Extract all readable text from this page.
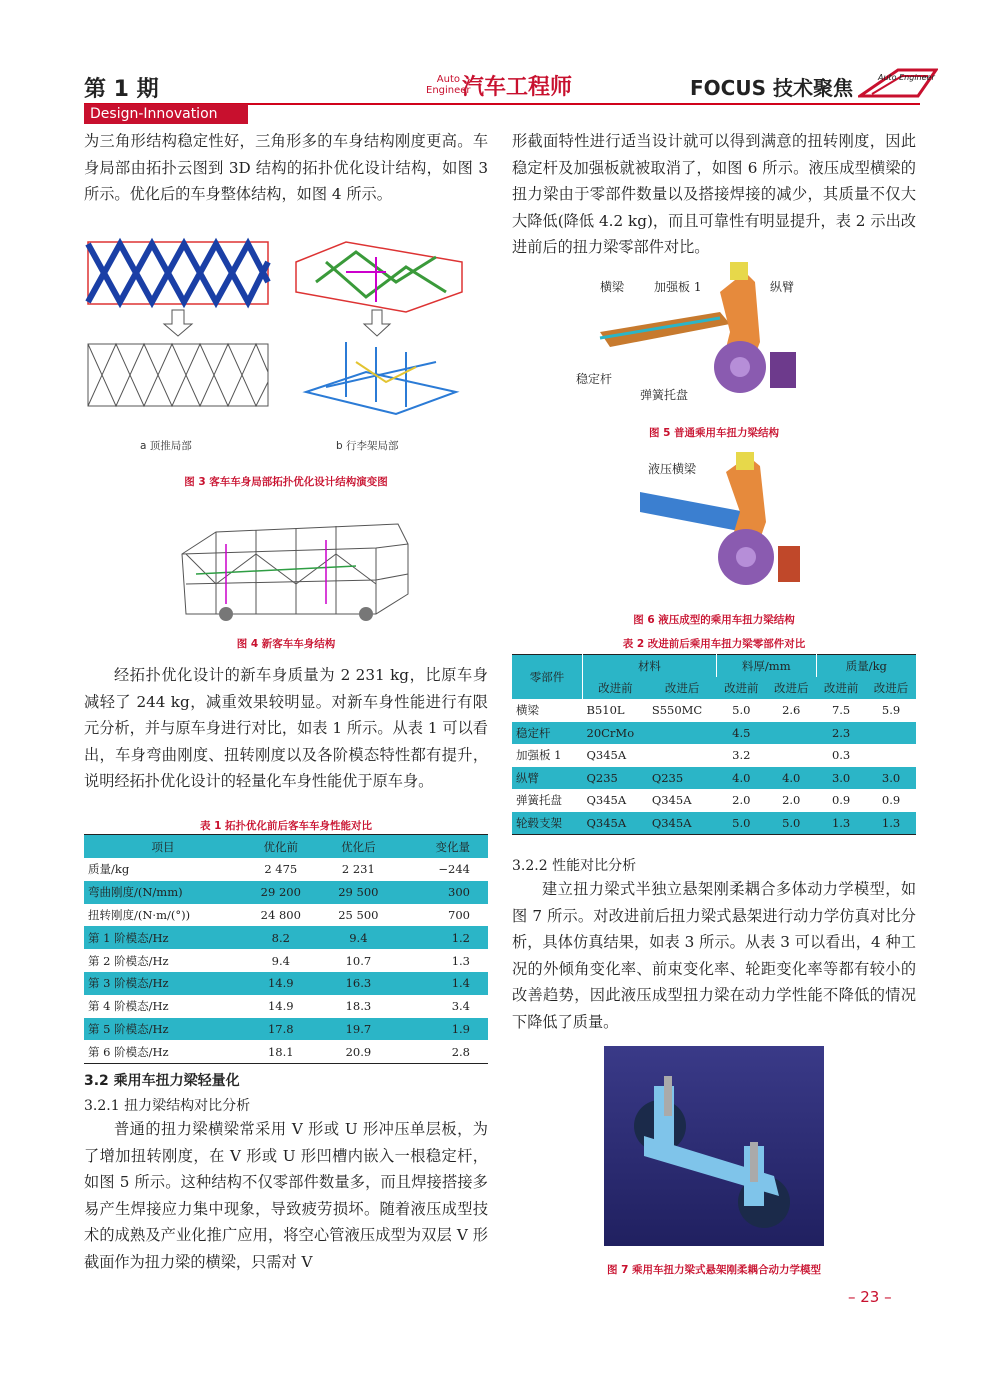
第 1 期	Auto
Engineer
汽车工程师	FOCUS 技术聚焦	Auto Engineer
Design-Innovation
为三角形结构稳定性好，三角形多的车身结构刚度更高。车身局部由拓扑云图到 3D 结构的拓扑优化设计结构，如图 3 所示。优化后的车身整体结构，如图 4 所示。
a 顶推局部	b 行李架局部
图 3 客车车身局部拓扑优化设计结构演变图
图 4 新客车车身结构
经拓扑优化设计的新车身质量为 2 231 kg，比原车身减轻了 244 kg，减重效果较明显。对新车身性能进行有限元分析，并与原车身进行对比，如表 1 所示。从表 1 可以看出，车身弯曲刚度、扭转刚度以及各阶模态特性都有提升，说明经拓扑优化设计的轻量化车身性能优于原车身。
表 1 拓扑优化前后客车车身性能对比
项目	优化前	优化后	变化量
质量/kg	2 475	2 231	−244
弯曲刚度/(N/mm)	29 200	29 500	300
扭转刚度/(N·m/(°))	24 800	25 500	700
第 1 阶模态/Hz	8.2	9.4	1.2
第 2 阶模态/Hz	9.4	10.7	1.3
第 3 阶模态/Hz	14.9	16.3	1.4
第 4 阶模态/Hz	14.9	18.3	3.4
第 5 阶模态/Hz	17.8	19.7	1.9
第 6 阶模态/Hz	18.1	20.9	2.8
3.2 乘用车扭力梁轻量化
3.2.1 扭力梁结构对比分析
普通的扭力梁横梁常采用 V 形或 U 形冲压单层板，为了增加扭转刚度，在 V 形或 U 形凹槽内嵌入一根稳定杆，如图 5 所示。这种结构不仅零部件数量多，而且焊接搭接多易产生焊接应力集中现象，导致疲劳损坏。随着液压成型技术的成熟及产业化推广应用，将空心管液压成型为双层 V 形截面作为扭力梁的横梁，只需对 V
形截面特性进行适当设计就可以得到满意的扭转刚度，因此稳定杆及加强板就被取消了，如图 6 所示。液压成型横梁的扭力梁由于零部件数量以及搭接焊接的减少，其质量不仅大大降低(降低 4.2 kg)，而且可靠性有明显提升，表 2 示出改进前后的扭力梁零部件对比。
横梁 加强板 1	纵臂
稳定杆
弹簧托盘
图 5 普通乘用车扭力梁结构
液压横梁
图 6 液压成型的乘用车扭力梁结构
表 2 改进前后乘用车扭力梁零部件对比
零部件	材料		料厚/mm		质量/kg	
	改进前	改进后	改进前	改进后	改进前	改进后
横梁	B510L	S550MC	5.0	2.6	7.5	5.9
稳定杆	20CrMo		4.5		2.3	
加强板 1	Q345A		3.2		0.3	
纵臂	Q235	Q235	4.0	4.0	3.0	3.0
弹簧托盘	Q345A	Q345A	2.0	2.0	0.9	0.9
轮毂支架	Q345A	Q345A	5.0	5.0	1.3	1.3
3.2.2 性能对比分析
建立扭力梁式半独立悬架刚柔耦合多体动力学模型，如图 7 所示。对改进前后扭力梁式悬架进行动力学仿真对比分析，具体仿真结果，如表 3 所示。从表 3 可以看出，4 种工况的外倾角变化率、前束变化率、轮距变化率等都有较小的改善趋势，因此液压成型扭力梁在动力学性能不降低的情况下降低了质量。
图 7 乘用车扭力梁式悬架刚柔耦合动力学模型
– 23 –
